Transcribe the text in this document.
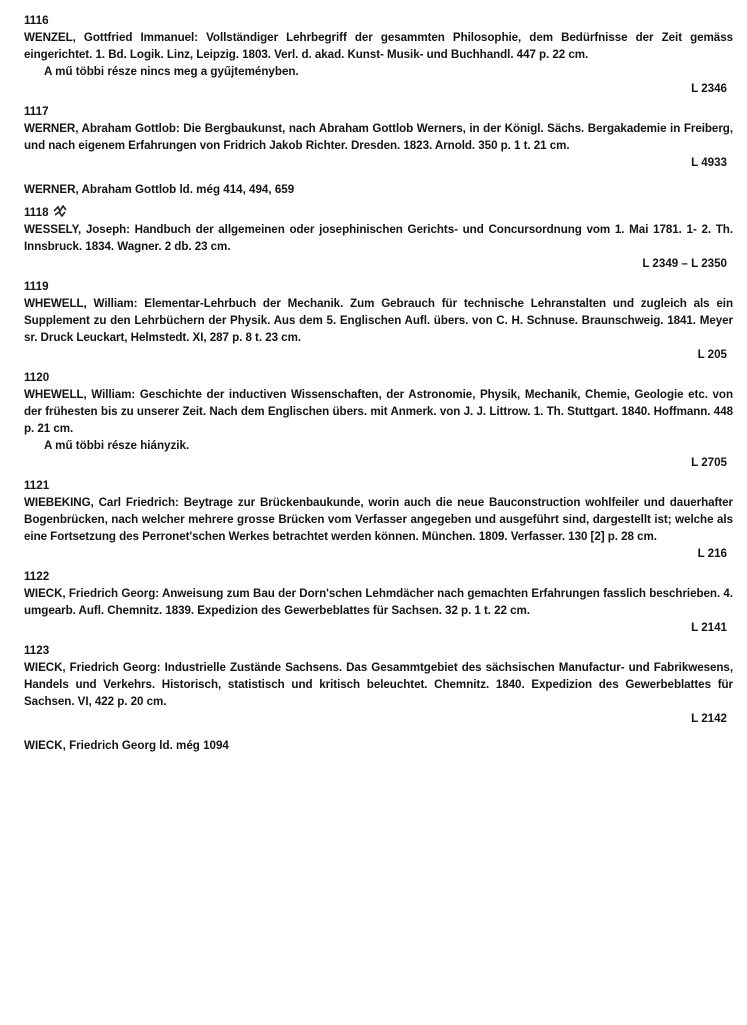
1116
WENZEL, Gottfried Immanuel: Vollständiger Lehrbegriff der gesammten Philosophie, dem Bedürfnisse der Zeit gemäss eingerichtet. 1. Bd. Logik. Linz, Leipzig. 1803. Verl. d. akad. Kunst- Musik- und Buchhandl. 447 p. 22 cm.
A mű többi része nincs meg a gyűjteményben.
L 2346
1117
WERNER, Abraham Gottlob: Die Bergbaukunst, nach Abraham Gottlob Werners, in der Königl. Sächs. Bergakademie in Freiberg, und nach eigenem Erfahrungen von Fridrich Jakob Richter. Dresden. 1823. Arnold. 350 p. 1 t. 21 cm.
L 4933
WERNER, Abraham Gottlob ld. még 414, 494, 659
1118
WESSELY, Joseph: Handbuch der allgemeinen oder josephinischen Gerichts- und Concursordnung vom 1. Mai 1781. 1- 2. Th. Innsbruck. 1834. Wagner. 2 db. 23 cm.
L 2349 – L 2350
1119
WHEWELL, William: Elementar-Lehrbuch der Mechanik. Zum Gebrauch für technische Lehranstalten und zugleich als ein Supplement zu den Lehrbüchern der Physik. Aus dem 5. Englischen Aufl. übers. von C. H. Schnuse. Braunschweig. 1841. Meyer sr. Druck Leuckart, Helmstedt. XI, 287 p. 8 t. 23 cm.
L 205
1120
WHEWELL, William: Geschichte der inductiven Wissenschaften, der Astronomie, Physik, Mechanik, Chemie, Geologie etc. von der frühesten bis zu unserer Zeit. Nach dem Englischen übers. mit Anmerk. von J. J. Littrow. 1. Th. Stuttgart. 1840. Hoffmann. 448 p. 21 cm.
A mű többi része hiányzik.
L 2705
1121
WIEBEKING, Carl Friedrich: Beytrage zur Brückenbaukunde, worin auch die neue Bauconstruction wohlfeiler und dauerhafter Bogenbrücken, nach welcher mehrere grosse Brücken vom Verfasser angegeben und ausgeführt sind, dargestellt ist; welche als eine Fortsetzung des Perronet'schen Werkes betrachtet werden können. München. 1809. Verfasser. 130 [2] p. 28 cm.
L 216
1122
WIECK, Friedrich Georg: Anweisung zum Bau der Dorn'schen Lehmdächer nach gemachten Erfahrungen fasslich beschrieben. 4. umgearb. Aufl. Chemnitz. 1839. Expedizion des Gewerbeblattes für Sachsen. 32 p. 1 t. 22 cm.
L 2141
1123
WIECK, Friedrich Georg: Industrielle Zustände Sachsens. Das Gesammtgebiet des sächsischen Manufactur- und Fabrikwesens, Handels und Verkehrs. Historisch, statistisch und kritisch beleuchtet. Chemnitz. 1840. Expedizion des Gewerbeblattes für Sachsen. VI, 422 p. 20 cm.
L 2142
WIECK, Friedrich Georg ld. még 1094
